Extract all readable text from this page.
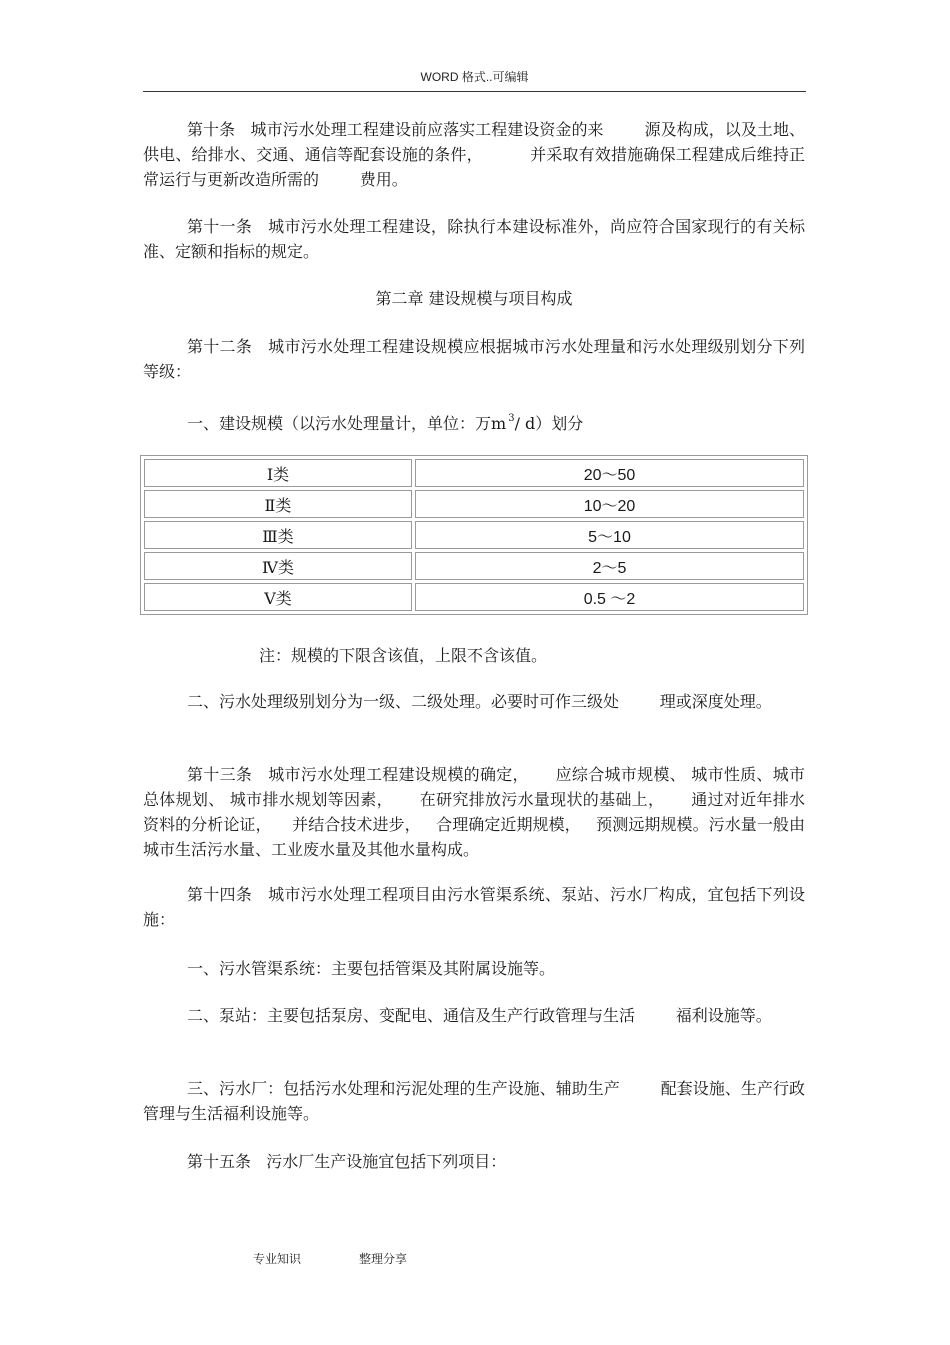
WORD 格式..可编辑
第十条   城市污水处理工程建设前应落实工程建设资金的来        源及构成，以及土地、供电、给排水、交通、通信等配套设施的条件，         并采取有效措施确保工程建成后维持正常运行与更新改造所需的        费用。
第十一条   城市污水处理工程建设，除执行本建设标准外，尚应符合国家现行的有关标准、定额和指标的规定。
第二章 建设规模与项目构成
第十二条   城市污水处理工程建设规模应根据城市污水处理量和污水处理级别划分下列等级：
一、建设规模（以污水处理量计，单位：万m $^3$/ d）划分
Ⅰ类	20～50
Ⅱ类	10～20
Ⅲ类	5～10
Ⅳ类	2～5
Ⅴ类	0.5 ～2
注：规模的下限含该值，上限不含该值。
二、污水处理级别划分为一级、二级处理。必要时可作三级处        理或深度处理。
第十三条   城市污水处理工程建设规模的确定，     应综合城市规模、 城市性质、城市总体规划、 城市排水规划等因素，     在研究排放污水量现状的基础上，     通过对近年排水资料的分析论证，    并结合技术进步，   合理确定近期规模，   预测远期规模。污水量一般由城市生活污水量、工业废水量及其他水量构成。
第十四条   城市污水处理工程项目由污水管渠系统、泵站、污水厂构成，宜包括下列设施：
一、污水管渠系统：主要包括管渠及其附属设施等。
二、泵站：主要包括泵房、变配电、通信及生产行政管理与生活        福利设施等。
三、污水厂：包括污水处理和污泥处理的生产设施、辅助生产        配套设施、生产行政管理与生活福利设施等。
第十五条   污水厂生产设施宜包括下列项目：
专业知识	整理分享
